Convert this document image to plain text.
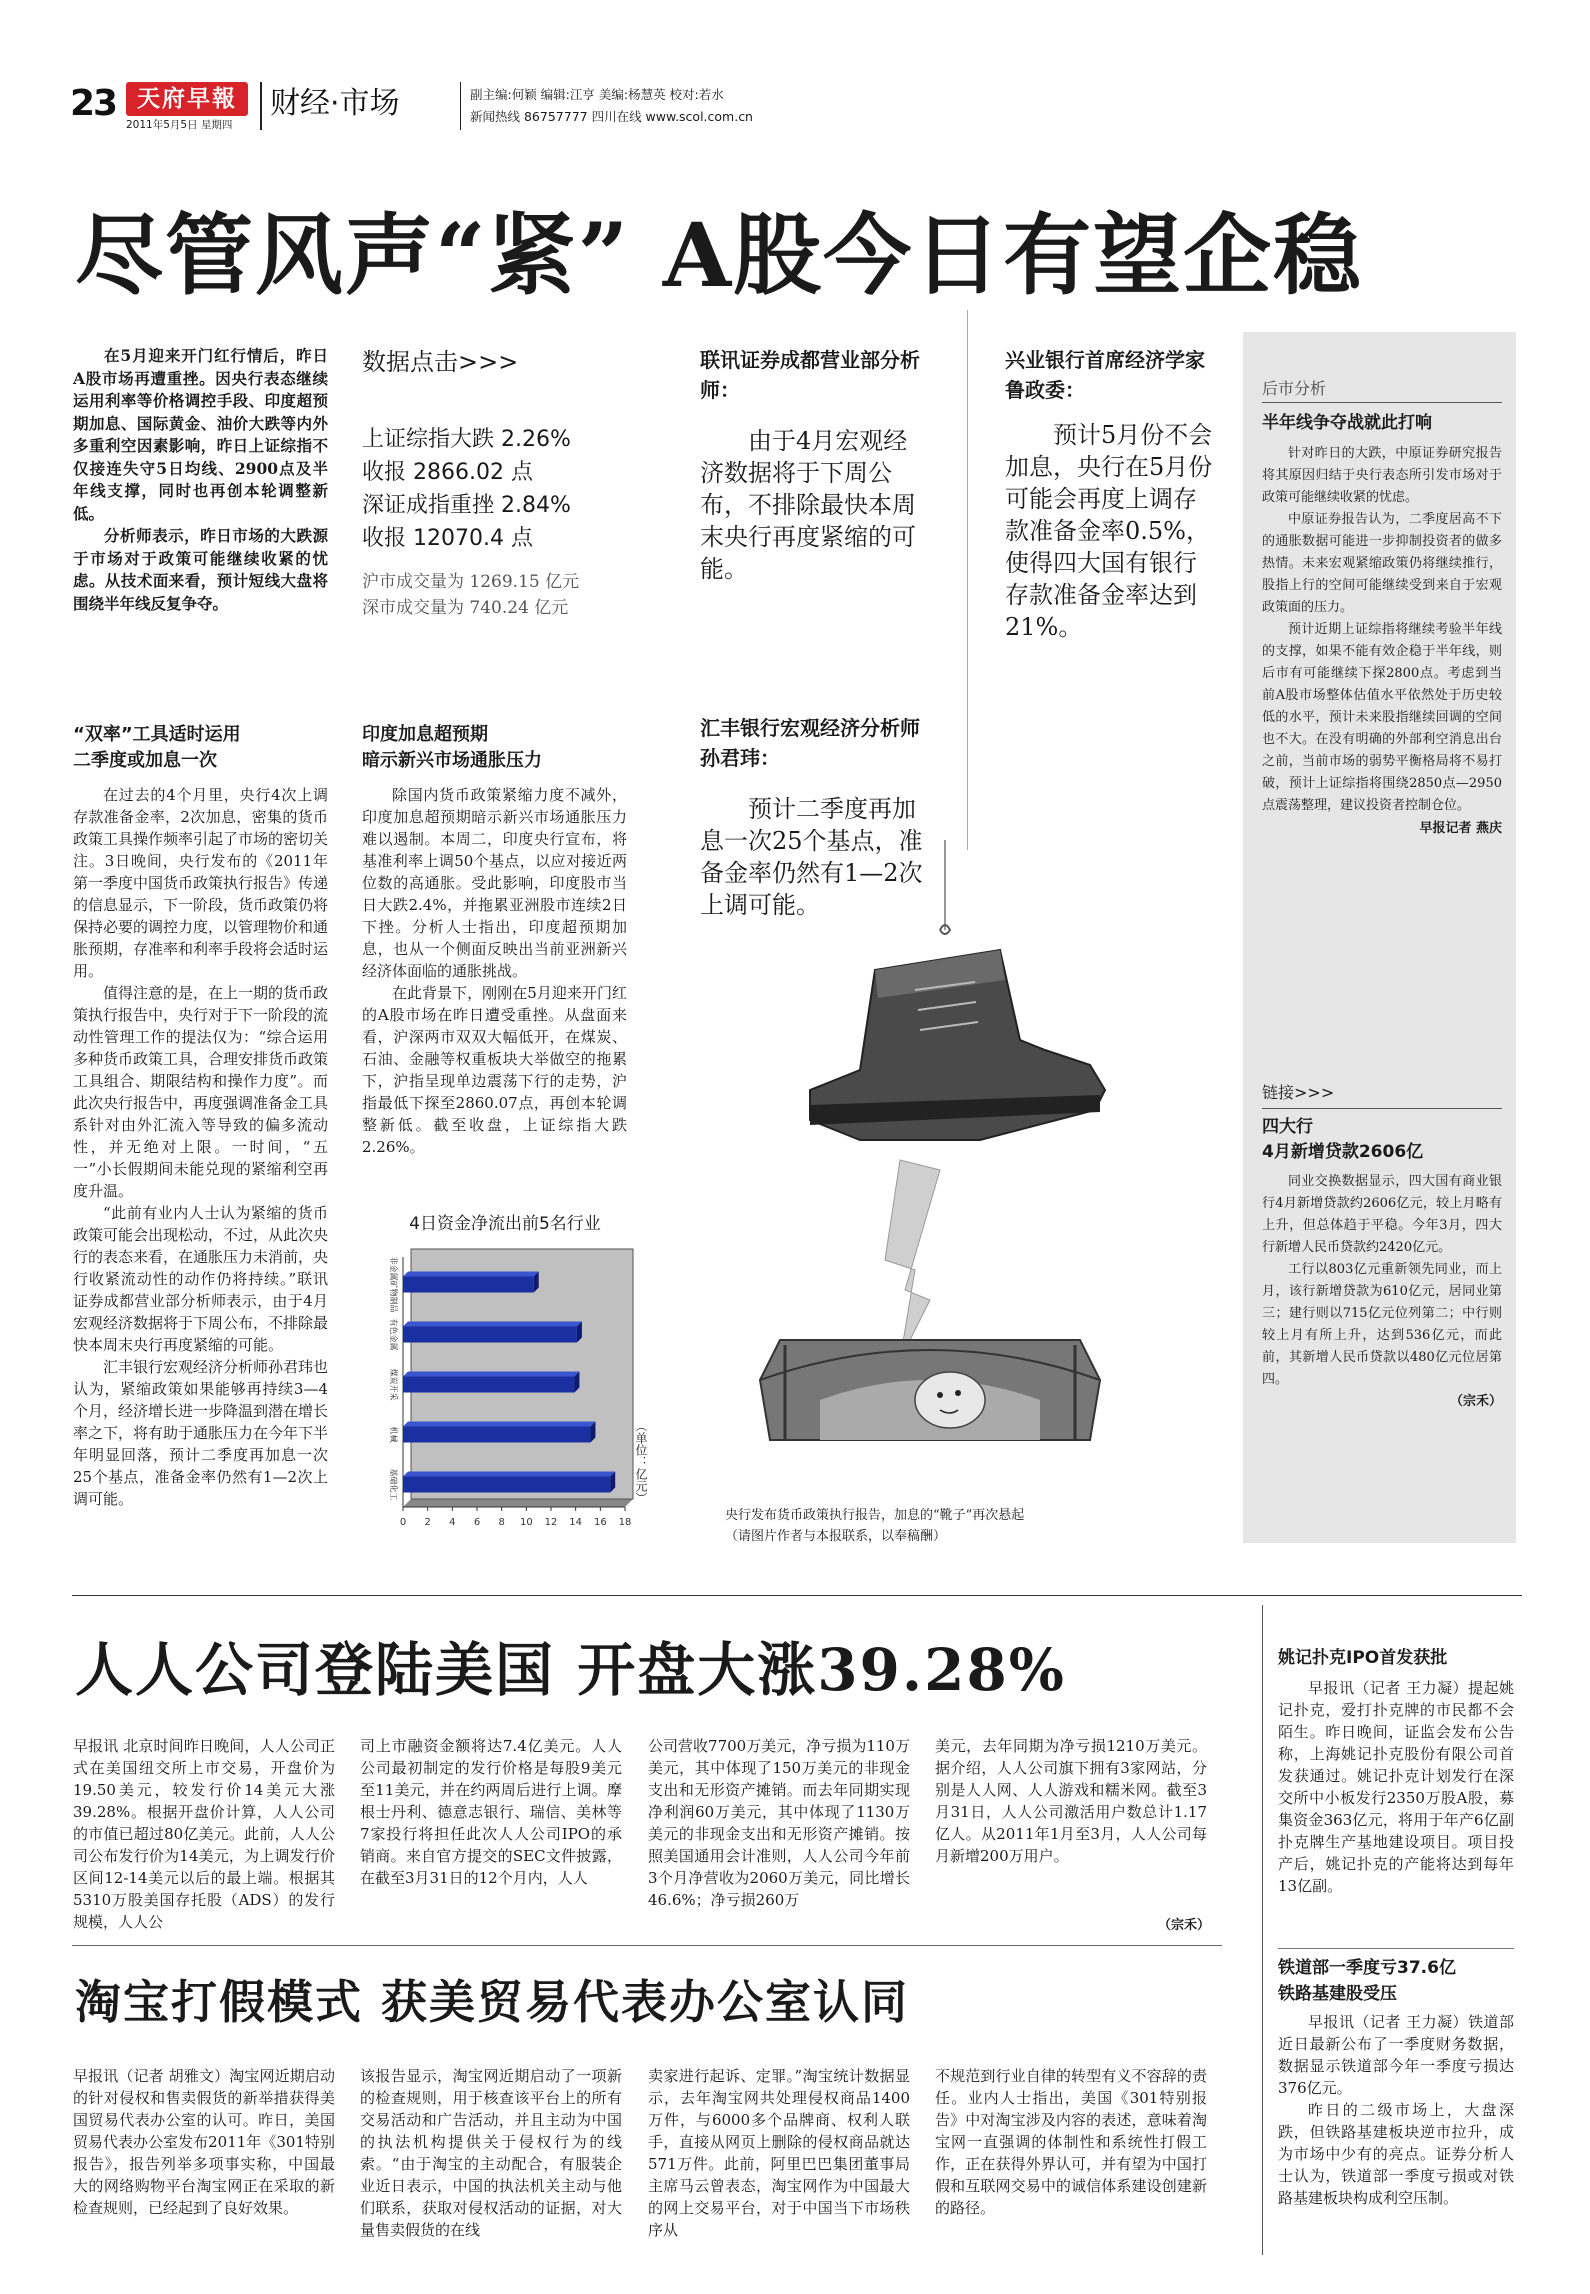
23 天府早報
2011年5月5日 星期四
财经·市场	副主编:何颖 编辑:江亨 美编:杨慧英 校对:若水
新闻热线 86757777 四川在线 www.scol.com.cn
尽管风声“紧” A股今日有望企稳

在5月迎来开门红行情后，昨日A股市场再遭重挫。因央行表态继续运用利率等价格调控手段、印度超预期加息、国际黄金、油价大跌等内外多重利空因素影响，昨日上证综指不仅接连失守5日均线、2900点及半年线支撑，同时也再创本轮调整新低。

分析师表示，昨日市场的大跌源于市场对于政策可能继续收紧的忧虑。从技术面来看，预计短线大盘将围绕半年线反复争夺。

“双率”工具适时运用
二季度或加息一次

在过去的4个月里，央行4次上调存款准备金率，2次加息，密集的货币政策工具操作频率引起了市场的密切关注。3日晚间，央行发布的《2011年第一季度中国货币政策执行报告》传递的信息显示，下一阶段，货币政策仍将保持必要的调控力度，以管理物价和通胀预期，存准率和利率手段将会适时运用。

值得注意的是，在上一期的货币政策执行报告中，央行对于下一阶段的流动性管理工作的提法仅为：“综合运用多种货币政策工具，合理安排货币政策工具组合、期限结构和操作力度”。而此次央行报告中，再度强调准备金工具系针对由外汇流入等导致的偏多流动性，并无绝对上限。一时间，“五一”小长假期间未能兑现的紧缩利空再度升温。

“此前有业内人士认为紧缩的货币政策可能会出现松动，不过，从此次央行的表态来看，在通胀压力未消前，央行收紧流动性的动作仍将持续。”联讯证券成都营业部分析师表示，由于4月宏观经济数据将于下周公布，不排除最快本周末央行再度紧缩的可能。

汇丰银行宏观经济分析师孙君玮也认为，紧缩政策如果能够再持续3—4个月，经济增长进一步降温到潜在增长率之下，将有助于通胀压力在今年下半年明显回落，预计二季度再加息一次25个基点，准备金率仍然有1—2次上调可能。

数据点击>>>
上证综指大跌 2.26%
收报 2866.02 点
深证成指重挫 2.84%
收报 12070.4 点
沪市成交量为 1269.15 亿元
深市成交量为 740.24 亿元
印度加息超预期
暗示新兴市场通胀压力

除国内货币政策紧缩力度不减外，印度加息超预期暗示新兴市场通胀压力难以遏制。本周二，印度央行宣布，将基准利率上调50个基点，以应对接近两位数的高通胀。受此影响，印度股市当日大跌2.4%，并拖累亚洲股市连续2日下挫。分析人士指出，印度超预期加息，也从一个侧面反映出当前亚洲新兴经济体面临的通胀挑战。

在此背景下，刚刚在5月迎来开门红的A股市场在昨日遭受重挫。从盘面来看，沪深两市双双大幅低开，在煤炭、石油、金融等权重板块大举做空的拖累下，沪指呈现单边震荡下行的走势，沪指最低下探至2860.07点，再创本轮调整新低。截至收盘，上证综指大跌2.26%。

4日资金净流出前5名行业
0 2 4 6 8 10 12 14 16 18
非金属矿物制品
有色金属
煤炭开采
机械
基础化工	（单位：亿元）
后市分析
半年线争夺战就此打响

针对昨日的大跌，中原证券研究报告将其原因归结于央行表态所引发市场对于政策可能继续收紧的忧虑。

中原证券报告认为，二季度居高不下的通胀数据可能进一步抑制投资者的做多热情。未来宏观紧缩政策仍将继续推行，股指上行的空间可能继续受到来自于宏观政策面的压力。

预计近期上证综指将继续考验半年线的支撑，如果不能有效企稳于半年线，则后市有可能继续下探2800点。考虑到当前A股市场整体估值水平依然处于历史较低的水平，预计未来股指继续回调的空间也不大。在没有明确的外部利空消息出台之前，当前市场的弱势平衡格局将不易打破，预计上证综指将围绕2850点—2950点震荡整理，建议投资者控制仓位。

早报记者 燕庆
链接>>>
四大行
4月新增贷款2606亿

同业交换数据显示，四大国有商业银行4月新增贷款约2606亿元，较上月略有上升，但总体趋于平稳。今年3月，四大行新增人民币贷款约2420亿元。

工行以803亿元重新领先同业，而上月，该行新增贷款为610亿元，居同业第三；建行则以715亿元位列第二；中行则较上月有所上升，达到536亿元，而此前，其新增人民币贷款以480亿元位居第四。

（宗禾）
联讯证券成都营业部分析师：
由于4月宏观经济数据将于下周公布，不排除最快本周末央行再度紧缩的可能。
兴业银行首席经济学家鲁政委：
预计5月份不会加息，央行在5月份可能会再度上调存款准备金率0.5%，使得四大国有银行存款准备金率达到21%。
汇丰银行宏观经济分析师孙君玮：
预计二季度再加息一次25个基点，准备金率仍然有1—2次上调可能。
央行发布货币政策执行报告，加息的“靴子”再次悬起
（请图片作者与本报联系，以奉稿酬）
人人公司登陆美国 开盘大涨39.28%
早报讯 北京时间昨日晚间，人人公司正式在美国纽交所上市交易，开盘价为19.50美元，较发行价14美元大涨39.28%。根据开盘价计算，人人公司的市值已超过80亿美元。此前，人人公司公布发行价为14美元，为上调发行价区间12-14美元以后的最上端。根据其5310万股美国存托股（ADS）的发行规模，人人公
司上市融资金额将达7.4亿美元。人人公司最初制定的发行价格是每股9美元至11美元，并在约两周后进行上调。摩根士丹利、德意志银行、瑞信、美林等7家投行将担任此次人人公司IPO的承销商。来自官方提交的SEC文件披露，在截至3月31日的12个月内，人人
公司营收7700万美元，净亏损为110万美元，其中体现了150万美元的非现金支出和无形资产摊销。而去年同期实现净利润60万美元，其中体现了1130万美元的非现金支出和无形资产摊销。按照美国通用会计准则，人人公司今年前3个月净营收为2060万美元，同比增长46.6%；净亏损260万
美元，去年同期为净亏损1210万美元。据介绍，人人公司旗下拥有3家网站，分别是人人网、人人游戏和糯米网。截至3月31日，人人公司激活用户数总计1.17亿人。从2011年1月至3月，人人公司每月新增200万用户。
（宗禾）
淘宝打假模式 获美贸易代表办公室认同
早报讯（记者 胡雅文）淘宝网近期启动的针对侵权和售卖假货的新举措获得美国贸易代表办公室的认可。昨日，美国贸易代表办公室发布2011年《301特别报告》，报告列举多项事实称，中国最大的网络购物平台淘宝网正在采取的新检查规则，已经起到了良好效果。
该报告显示，淘宝网近期启动了一项新的检查规则，用于核查该平台上的所有交易活动和广告活动，并且主动为中国的执法机构提供关于侵权行为的线索。“由于淘宝的主动配合，有服装企业近日表示，中国的执法机关主动与他们联系，获取对侵权活动的证据，对大量售卖假货的在线
卖家进行起诉、定罪。”淘宝统计数据显示，去年淘宝网共处理侵权商品1400万件，与6000多个品牌商、权利人联手，直接从网页上删除的侵权商品就达571万件。此前，阿里巴巴集团董事局主席马云曾表态，淘宝网作为中国最大的网上交易平台，对于中国当下市场秩序从
不规范到行业自律的转型有义不容辞的责任。业内人士指出，美国《301特别报告》中对淘宝涉及内容的表述，意味着淘宝网一直强调的体制性和系统性打假工作，正在获得外界认可，并有望为中国打假和互联网交易中的诚信体系建设创建新的路径。
姚记扑克IPO首发获批
早报讯（记者 王力凝）提起姚记扑克，爱打扑克牌的市民都不会陌生。昨日晚间，证监会发布公告称，上海姚记扑克股份有限公司首发获通过。姚记扑克计划发行在深交所中小板发行2350万股A股，募集资金363亿元，将用于年产6亿副扑克牌生产基地建设项目。项目投产后，姚记扑克的产能将达到每年13亿副。
铁道部一季度亏37.6亿
铁路基建股受压

早报讯（记者 王力凝）铁道部近日最新公布了一季度财务数据，数据显示铁道部今年一季度亏损达376亿元。

昨日的二级市场上，大盘深跌，但铁路基建板块逆市拉升，成为市场中少有的亮点。证券分析人士认为，铁道部一季度亏损或对铁路基建板块构成利空压制。
